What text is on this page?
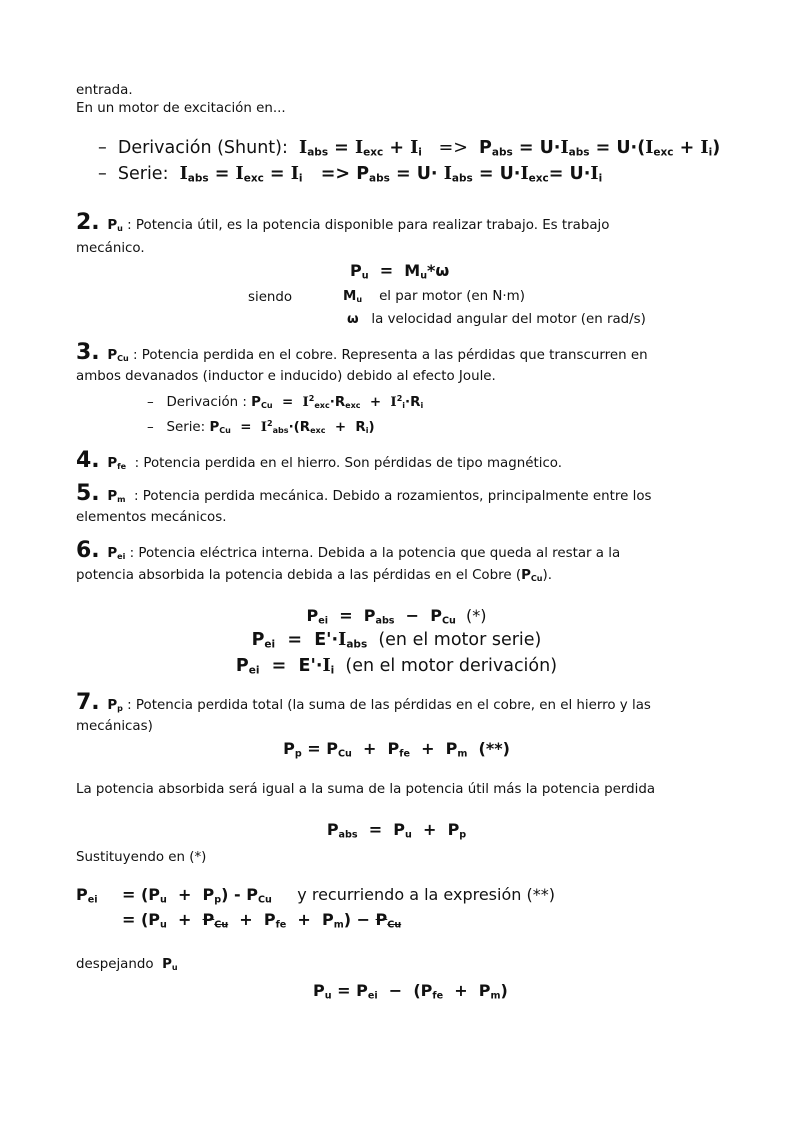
entrada.
En un motor de excitación en...
–  Derivación (Shunt):  Iabs = Iexc + Ii   =>  Pabs = U·Iabs = U·(Iexc + Ii)
–  Serie:  Iabs = Iexc = Ii   => Pabs = U· Iabs = U·Iexc= U·Ii
2. Pu : Potencia útil, es la potencia disponible para realizar trabajo. Es trabajo
mecánico.
Pu  =  Mu*ω
siendo	Mu    el par motor (en N·m)
ω   la velocidad angular del motor (en rad/s)
3. PCu : Potencia perdida en el cobre. Representa a las pérdidas que transcurren en
ambos devanados (inductor e inducido) debido al efecto Joule.
–   Derivación : PCu  =  $I^2exc\cdot Rexc + I^2i\cdot Ri$
–   Serie: PCu  =  $I^2abs\cdot(Rexc + Ri)$
4. Pfe  : Potencia perdida en el hierro. Son pérdidas de tipo magnético.
5. Pm  : Potencia perdida mecánica. Debido a rozamientos, principalmente entre los
elementos mecánicos.
6. Pei : Potencia eléctrica interna. Debida a la potencia que queda al restar a la
potencia absorbida la potencia debida a las pérdidas en el Cobre (PCu).
Pei  =  Pabs  −  PCu  (*)
Pei  =  E'·Iabs  (en el motor serie)
Pei  =  E'·Ii  (en el motor derivación)
7. Pp : Potencia perdida total (la suma de las pérdidas en el cobre, en el hierro y las
mecánicas)
Pp = PCu  +  Pfe  +  Pm  (**)
La potencia absorbida será igual a la suma de la potencia útil más la potencia perdida
Pabs  =  Pu  +  Pp
Sustituyendo en (*)
Pei = (Pu  +  Pp) - PCu     y recurriendo a la expresión (**)
= (Pu  +  PCu  +  Pfe  +  Pm) − PCu
despejando  Pu
Pu = Pei  −  (Pfe  +  Pm)
